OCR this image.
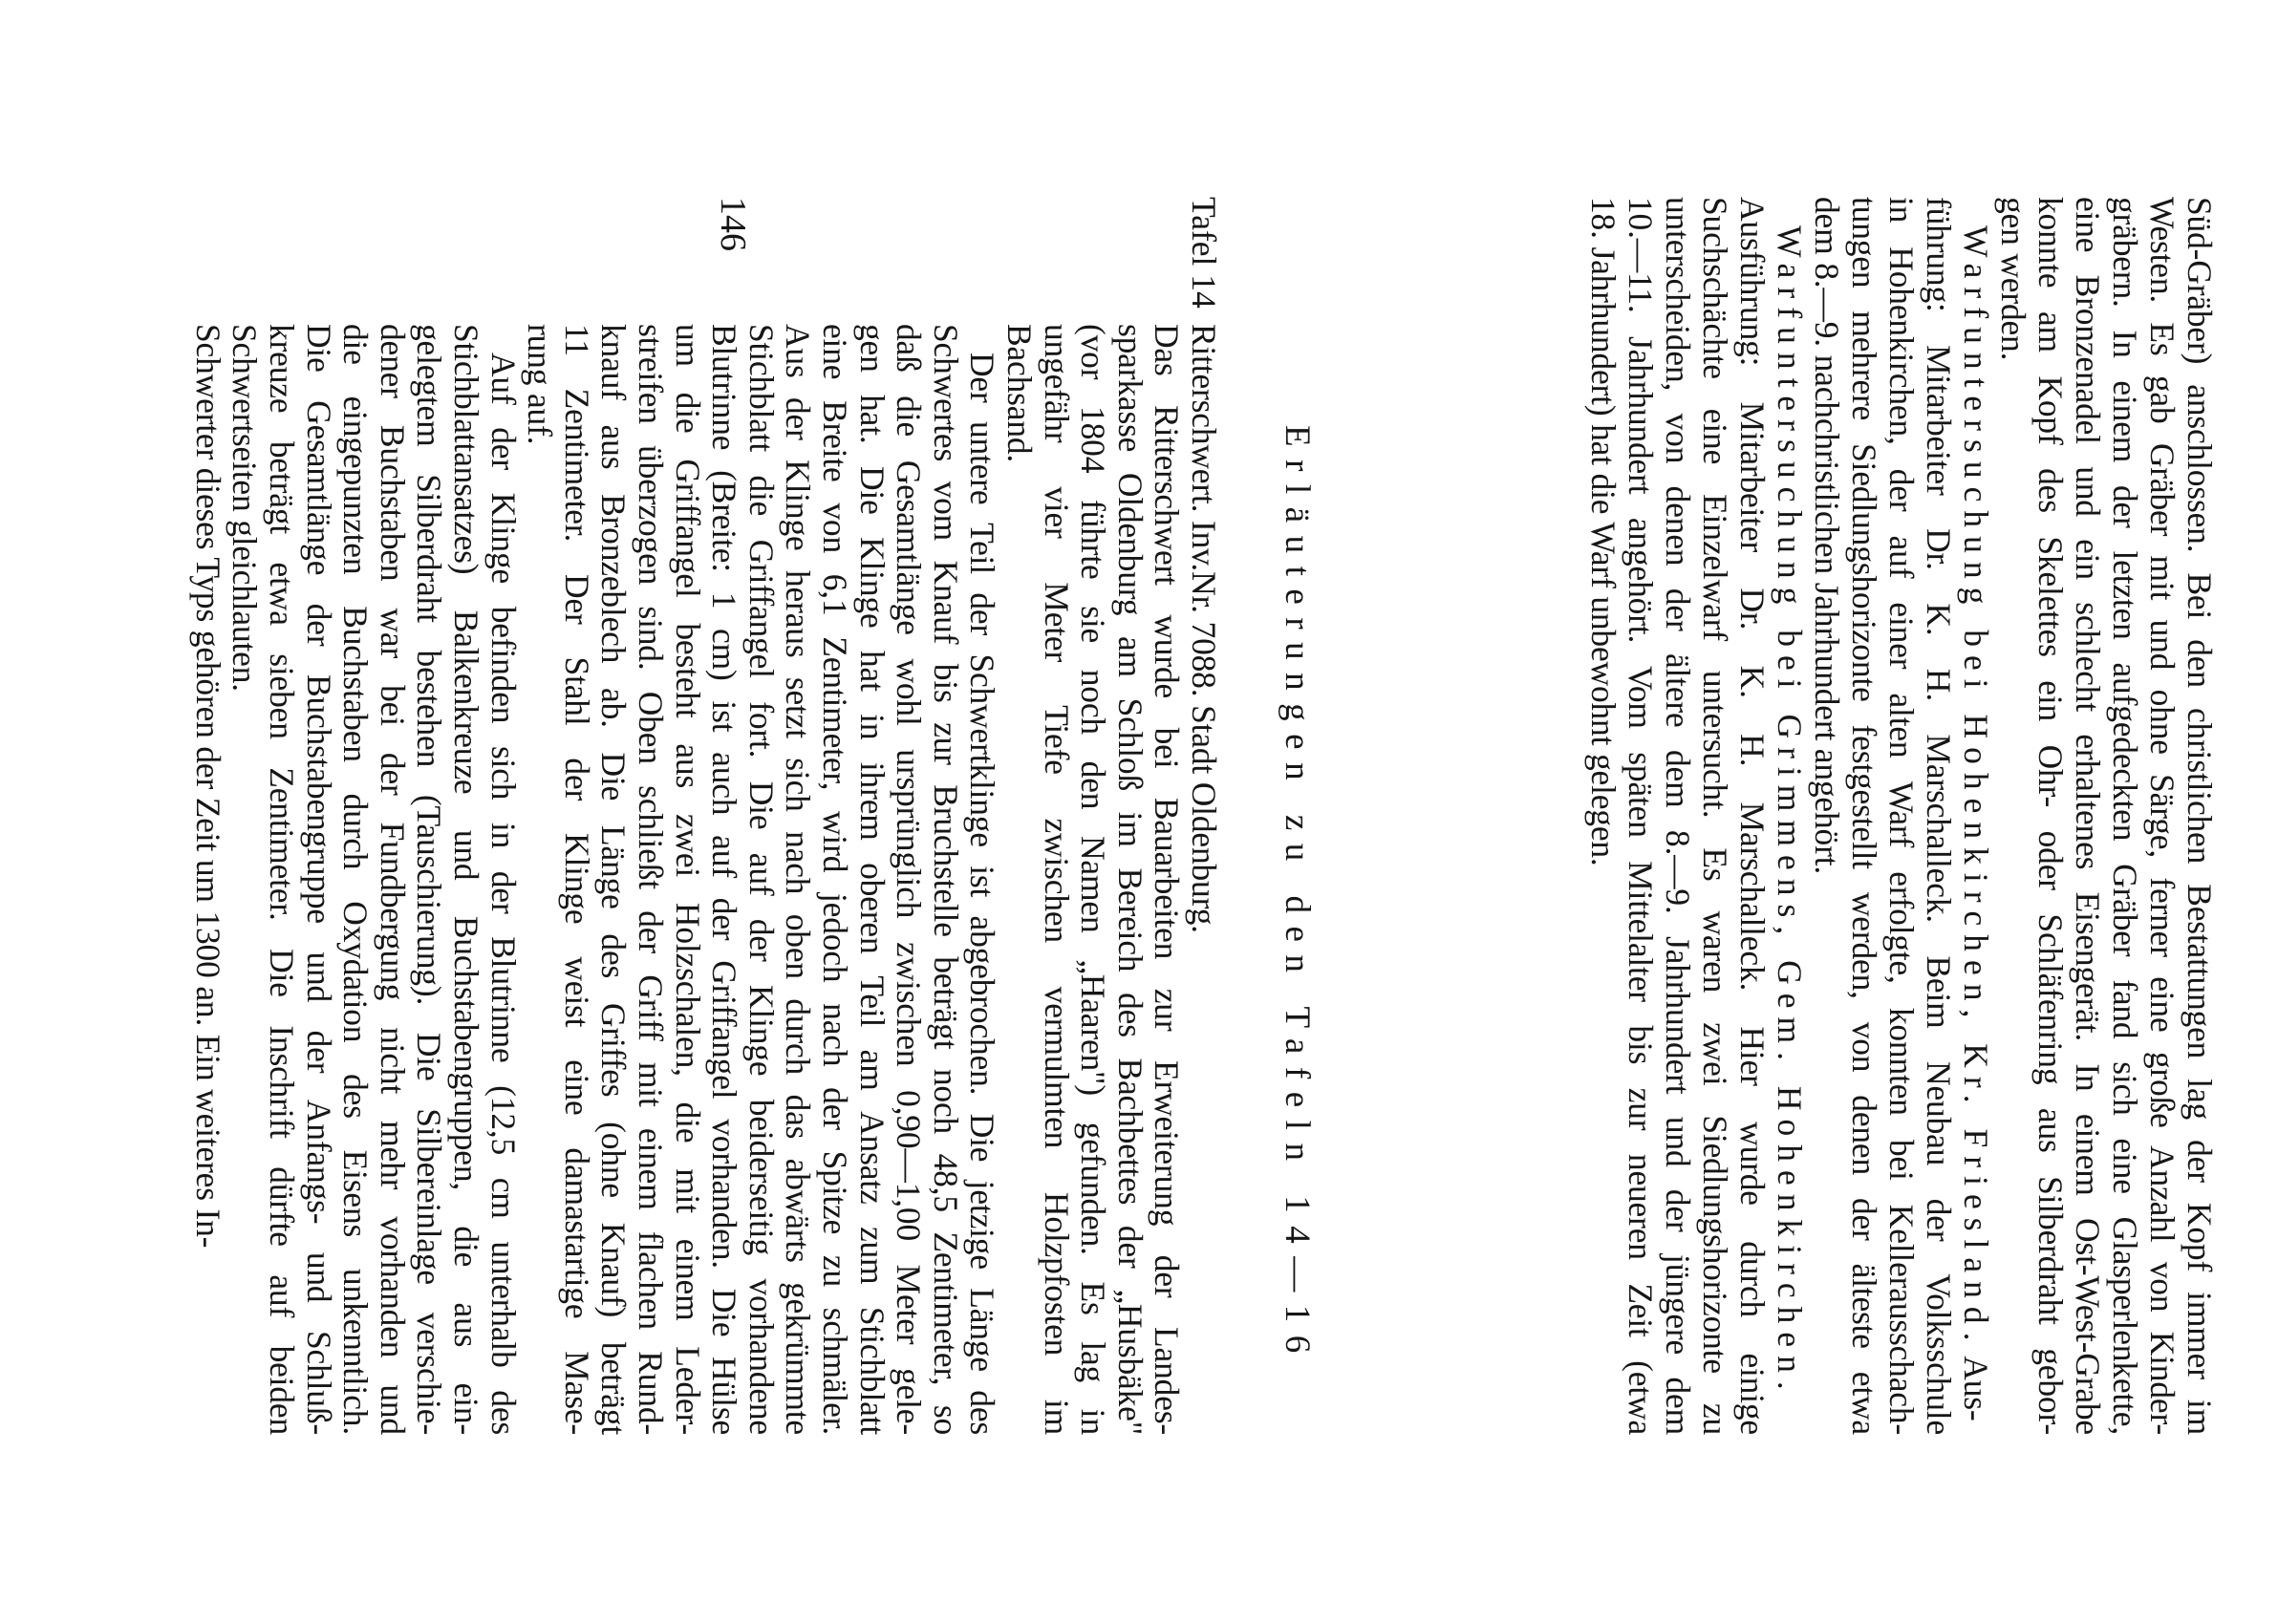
Süd-Gräber) anschlossen. Bei den christlichen Bestattungen lag der Kopf immer im
Westen. Es gab Gräber mit und ohne Särge, ferner eine große Anzahl von Kinder-
gräbern. In einem der letzten aufgedeckten Gräber fand sich eine Glasperlenkette,
eine Bronzenadel und ein schlecht erhaltenes Eisengerät. In einem Ost-West-Grabe
konnte am Kopf des Skelettes ein Ohr- oder Schläfenring aus Silberdraht gebor-
gen werden.
Warfuntersuchung bei Hohenkirchen, Kr. Friesland. Aus-
führung: Mitarbeiter Dr. K. H. Marschalleck. Beim Neubau der Volksschule
in Hohenkirchen, der auf einer alten Warf erfolgte, konnten bei Kellerausschach-
tungen mehrere Siedlungshorizonte festgestellt werden, von denen der älteste etwa
dem 8.—9. nachchristlichen Jahrhundert angehört.
Warfuntersuchung bei Grimmens, Gem. Hohenkirchen.
Ausführung: Mitarbeiter Dr. K. H. Marschalleck. Hier wurde durch einige
Suchschächte eine Einzelwarf untersucht. Es waren zwei Siedlungshorizonte zu
unterscheiden, von denen der ältere dem 8.—9. Jahrhundert und der jüngere dem
10.—11. Jahrhundert angehört. Vom späten Mittelalter bis zur neueren Zeit (etwa
18. Jahrhundert) hat die Warf unbewohnt gelegen.
Erläuterungen zu den Tafeln 14—16
Tafel 14
Ritterschwert. Inv.Nr. 7088. Stadt Oldenburg.
Das Ritterschwert wurde bei Bauarbeiten zur Erweiterung der Landes-
sparkasse Oldenburg am Schloß im Bereich des Bachbettes der „Husbäke"
(vor 1804 führte sie noch den Namen „Haaren") gefunden. Es lag in
ungefähr vier Meter Tiefe zwischen vermulmten Holzpfosten im
Bachsand.
Der untere Teil der Schwertklinge ist abgebrochen. Die jetzige Länge des
Schwertes vom Knauf bis zur Bruchstelle beträgt noch 48,5 Zentimeter, so
daß die Gesamtlänge wohl ursprünglich zwischen 0,90—1,00 Meter gele-
gen hat. Die Klinge hat in ihrem oberen Teil am Ansatz zum Stichblatt
eine Breite von 6,1 Zentimeter, wird jedoch nach der Spitze zu schmäler.
Aus der Klinge heraus setzt sich nach oben durch das abwärts gekrümmte
Stichblatt die Griffangel fort. Die auf der Klinge beiderseitig vorhandene
Blutrinne (Breite: 1 cm) ist auch auf der Griffangel vorhanden. Die Hülse
um die Griffangel besteht aus zwei Holzschalen, die mit einem Leder-
streifen überzogen sind. Oben schließt der Griff mit einem flachen Rund-
knauf aus Bronzeblech ab. Die Länge des Griffes (ohne Knauf) beträgt
11 Zentimeter. Der Stahl der Klinge weist eine damastartige Mase-
rung auf.
Auf der Klinge befinden sich in der Blutrinne (12,5 cm unterhalb des
Stichblattansatzes) Balkenkreuze und Buchstabengruppen, die aus ein-
gelegtem Silberdraht bestehen (Tauschierung). Die Silbereinlage verschie-
dener Buchstaben war bei der Fundbergung nicht mehr vorhanden und
die eingepunzten Buchstaben durch Oxydation des Eisens unkenntlich.
Die Gesamtlänge der Buchstabengruppe und der Anfangs- und Schluß-
kreuze beträgt etwa sieben Zentimeter. Die Inschrift dürfte auf beiden
Schwertseiten gleichlauten.
Schwerter dieses Typs gehören der Zeit um 1300 an. Ein weiteres In-
146
